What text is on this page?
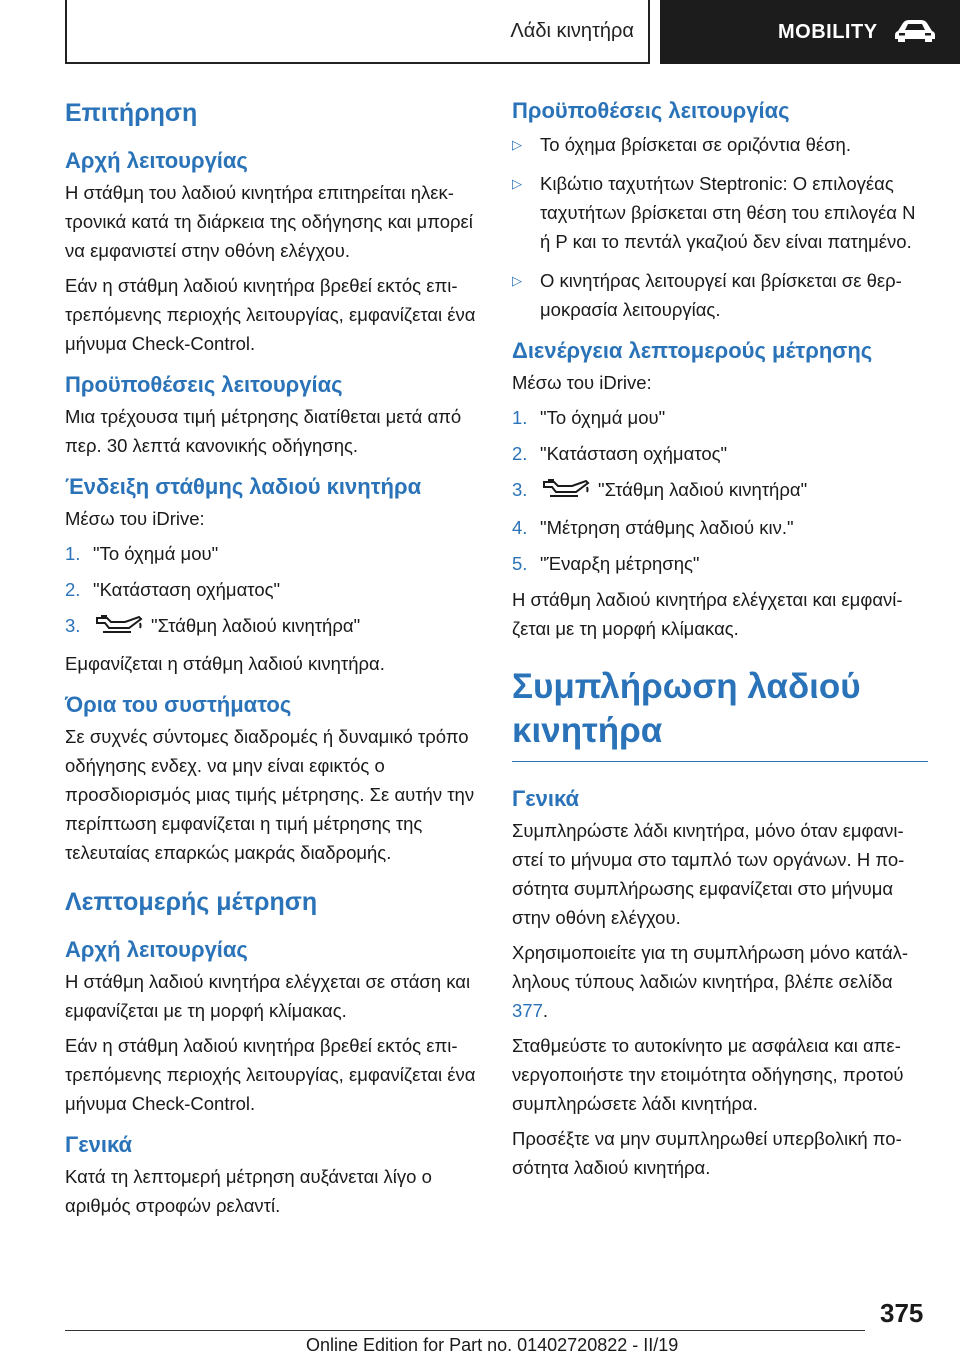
Λάδι κινητήρα	MOBILITY
Επιτήρηση
Αρχή λειτουργίας

Η στάθμη του λαδιού κινητήρα επιτηρείται ηλεκτρονικά κατά τη διάρκεια της οδήγησης και μπορεί να εμφανιστεί στην οθόνη ελέγχου.

Εάν η στάθμη λαδιού κινητήρα βρεθεί εκτός επιτρεπόμενης περιοχής λειτουργίας, εμφανίζεται ένα μήνυμα Check-Control.

Προϋποθέσεις λειτουργίας

Μια τρέχουσα τιμή μέτρησης διατίθεται μετά από περ. 30 λεπτά κανονικής οδήγησης.

Ένδειξη στάθμης λαδιού κινητήρα

Μέσω του iDrive:

1. "Το όχημά μου"
2. "Κατάσταση οχήματος"
3.	"Στάθμη λαδιού κινητήρα"

Εμφανίζεται η στάθμη λαδιού κινητήρα.

Όρια του συστήματος

Σε συχνές σύντομες διαδρομές ή δυναμικό τρόπο οδήγησης ενδεχ. να μην είναι εφικτός ο προσδιορισμός μιας τιμής μέτρησης. Σε αυτήν την περίπτωση εμφανίζεται η τιμή μέτρησης της τελευταίας επαρκώς μακράς διαδρομής.

Λεπτομερής μέτρηση
Αρχή λειτουργίας

Η στάθμη λαδιού κινητήρα ελέγχεται σε στάση και εμφανίζεται με τη μορφή κλίμακας.

Εάν η στάθμη λαδιού κινητήρα βρεθεί εκτός επιτρεπόμενης περιοχής λειτουργίας, εμφανίζεται ένα μήνυμα Check-Control.

Γενικά

Κατά τη λεπτομερή μέτρηση αυξάνεται λίγο ο αριθμός στροφών ρελαντί.

Προϋποθέσεις λειτουργίας
▷ Το όχημα βρίσκεται σε οριζόντια θέση.
▷ Κιβώτιο ταχυτήτων Steptronic: Ο επιλογέας ταχυτήτων βρίσκεται στη θέση του επιλογέα N ή P και το πεντάλ γκαζιού δεν είναι πατημένο.
▷ Ο κινητήρας λειτουργεί και βρίσκεται σε θερμοκρασία λειτουργίας.
Διενέργεια λεπτομερούς μέτρησης

Μέσω του iDrive:

1. "Το όχημά μου"
2. "Κατάσταση οχήματος"
3.	"Στάθμη λαδιού κινητήρα"
4. "Μέτρηση στάθμης λαδιού κιν."
5. "Έναρξη μέτρησης"

Η στάθμη λαδιού κινητήρα ελέγχεται και εμφανίζεται με τη μορφή κλίμακας.

Συμπλήρωση λαδιού κινητήρα
Γενικά

Συμπληρώστε λάδι κινητήρα, μόνο όταν εμφανιστεί το μήνυμα στο ταμπλό των οργάνων. Η ποσότητα συμπλήρωσης εμφανίζεται στο μήνυμα στην οθόνη ελέγχου.

Χρησιμοποιείτε για τη συμπλήρωση μόνο κατάλληλους τύπους λαδιών κινητήρα, βλέπε σελίδα 377.

Σταθμεύστε το αυτοκίνητο με ασφάλεια και απενεργοποιήστε την ετοιμότητα οδήγησης, προτού συμπληρώσετε λάδι κινητήρα.

Προσέξτε να μην συμπληρωθεί υπερβολική ποσότητα λαδιού κινητήρα.

375
Online Edition for Part no. 01402720822 - II/19
